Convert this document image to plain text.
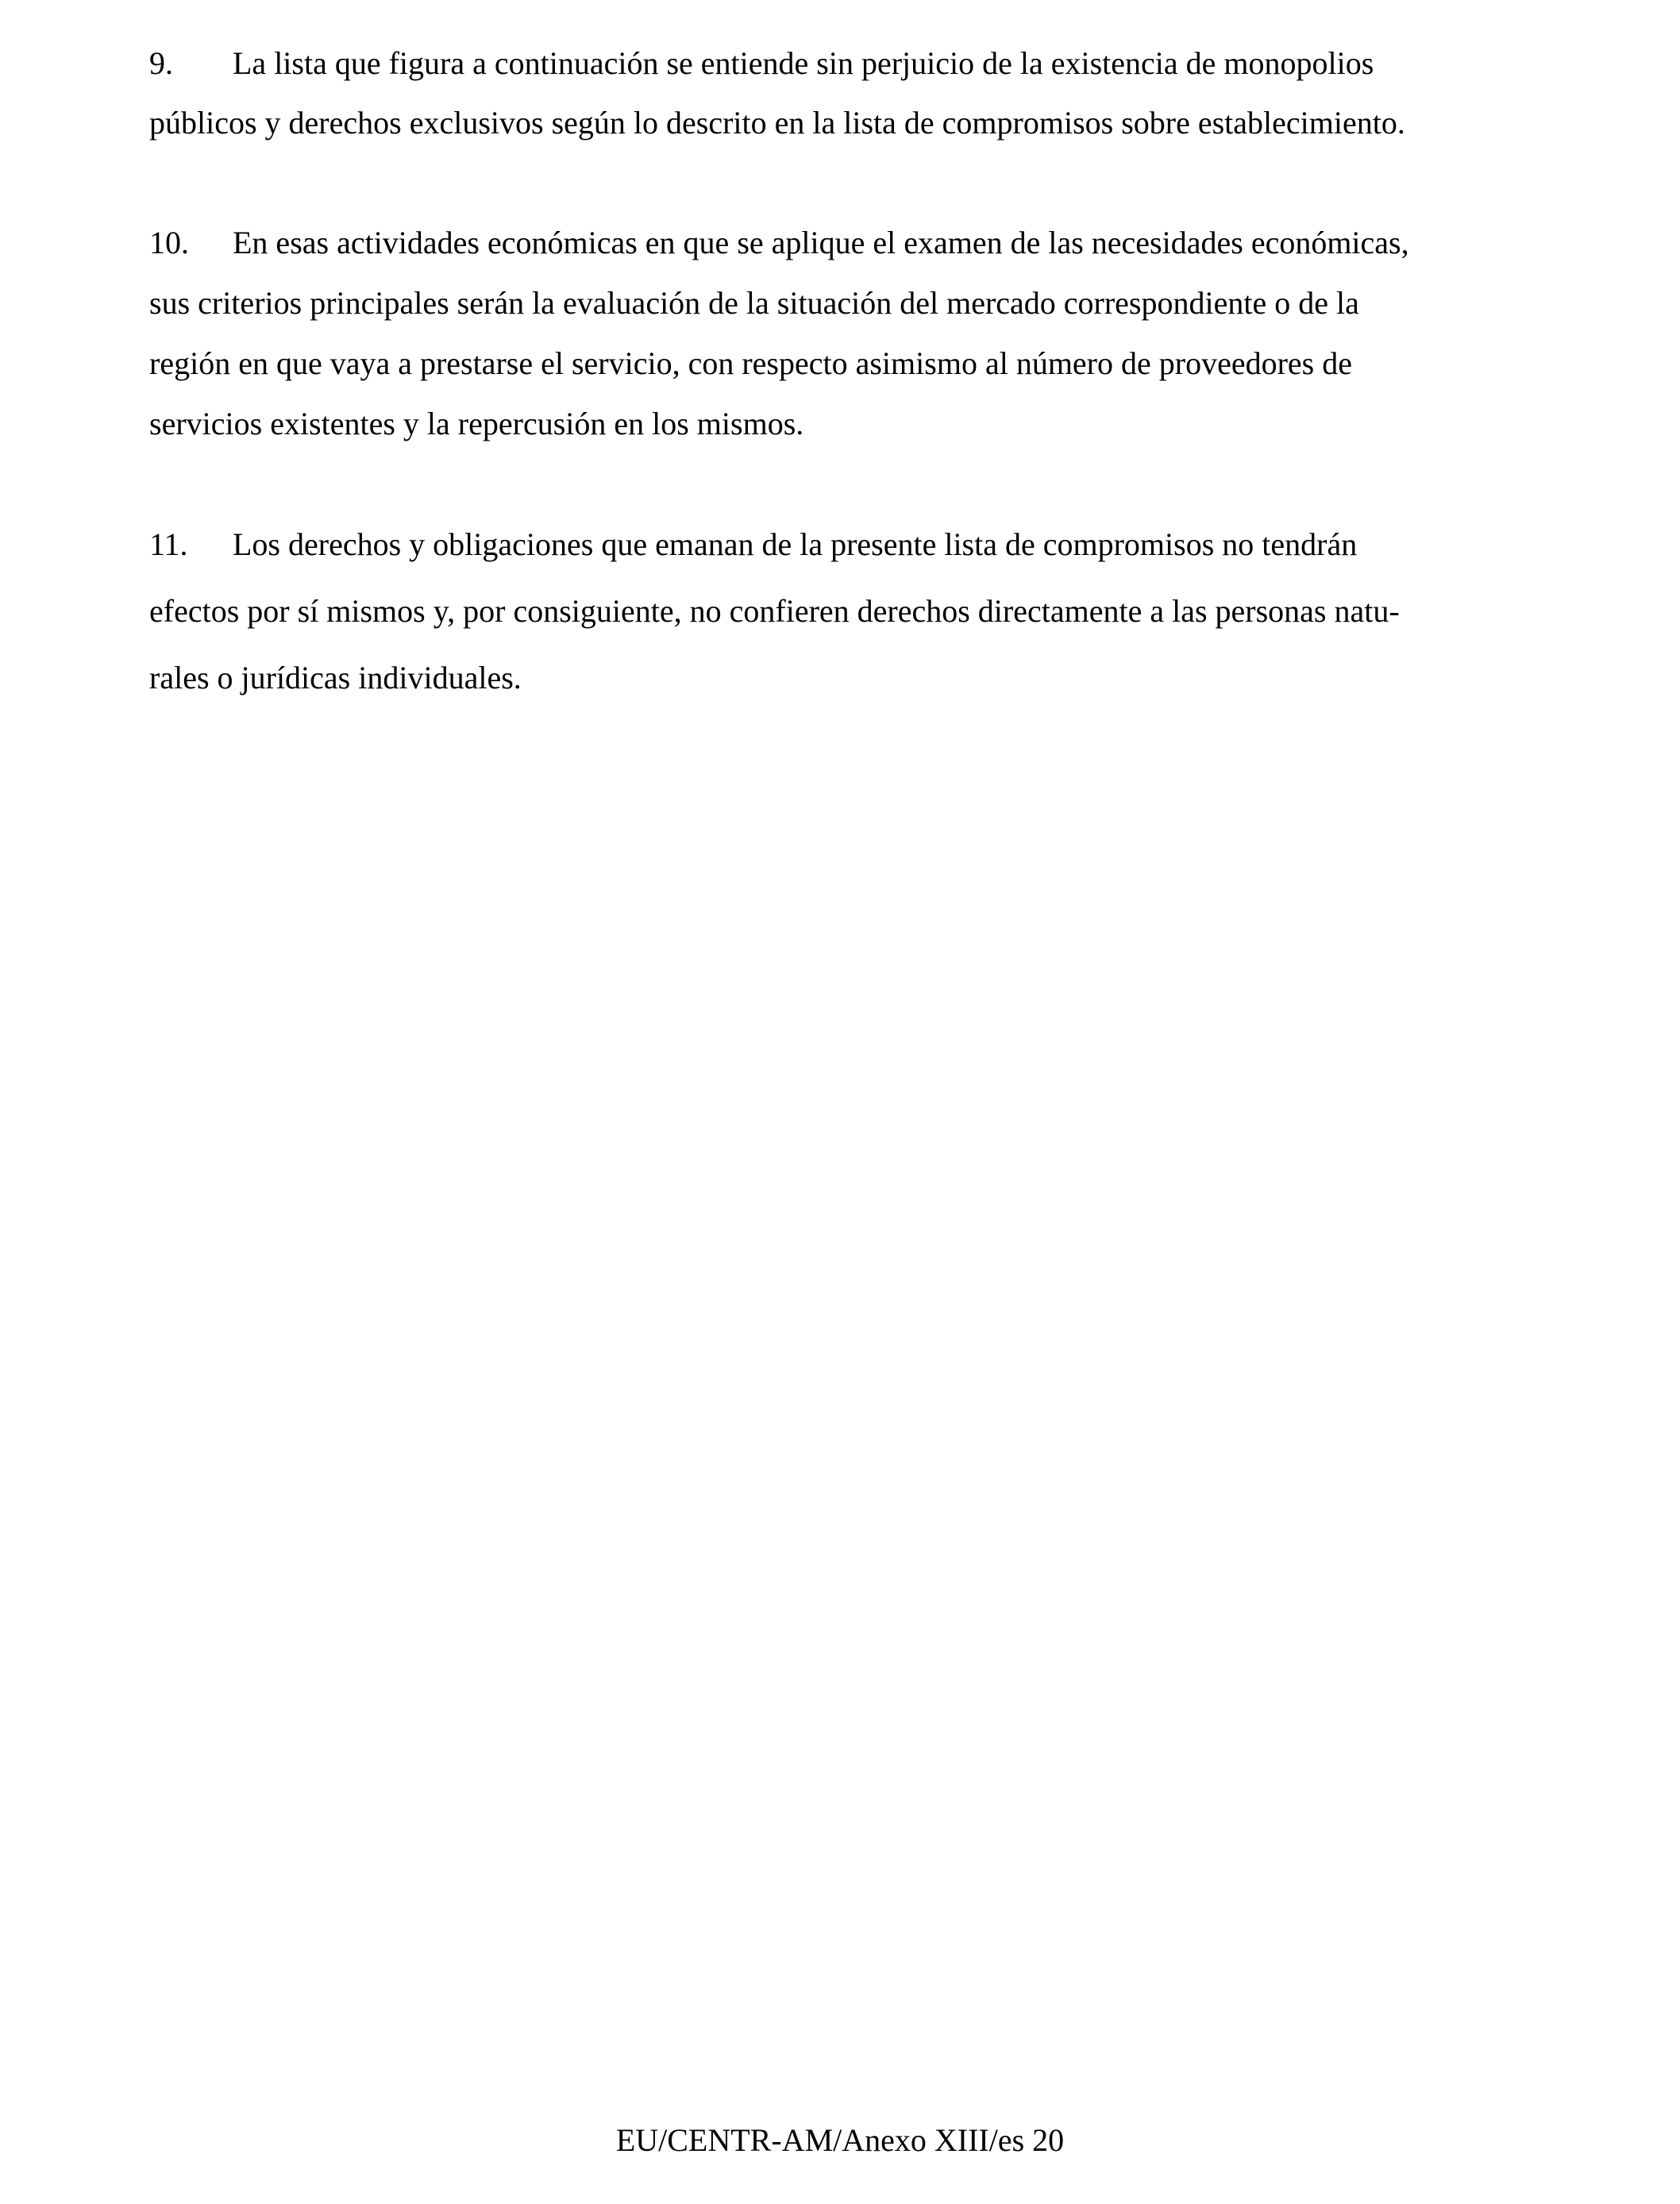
9. La lista que figura a continuación se entiende sin perjuicio de la existencia de monopolios
públicos y derechos exclusivos según lo descrito en la lista de compromisos sobre establecimiento.
10. En esas actividades económicas en que se aplique el examen de las necesidades económicas,
sus criterios principales serán la evaluación de la situación del mercado correspondiente o de la
región en que vaya a prestarse el servicio, con respecto asimismo al número de proveedores de
servicios existentes y la repercusión en los mismos.
11. Los derechos y obligaciones que emanan de la presente lista de compromisos no tendrán
efectos por sí mismos y, por consiguiente, no confieren derechos directamente a las personas natu-
rales o jurídicas individuales.
EU/CENTR-AM/Anexo XIII/es 20
